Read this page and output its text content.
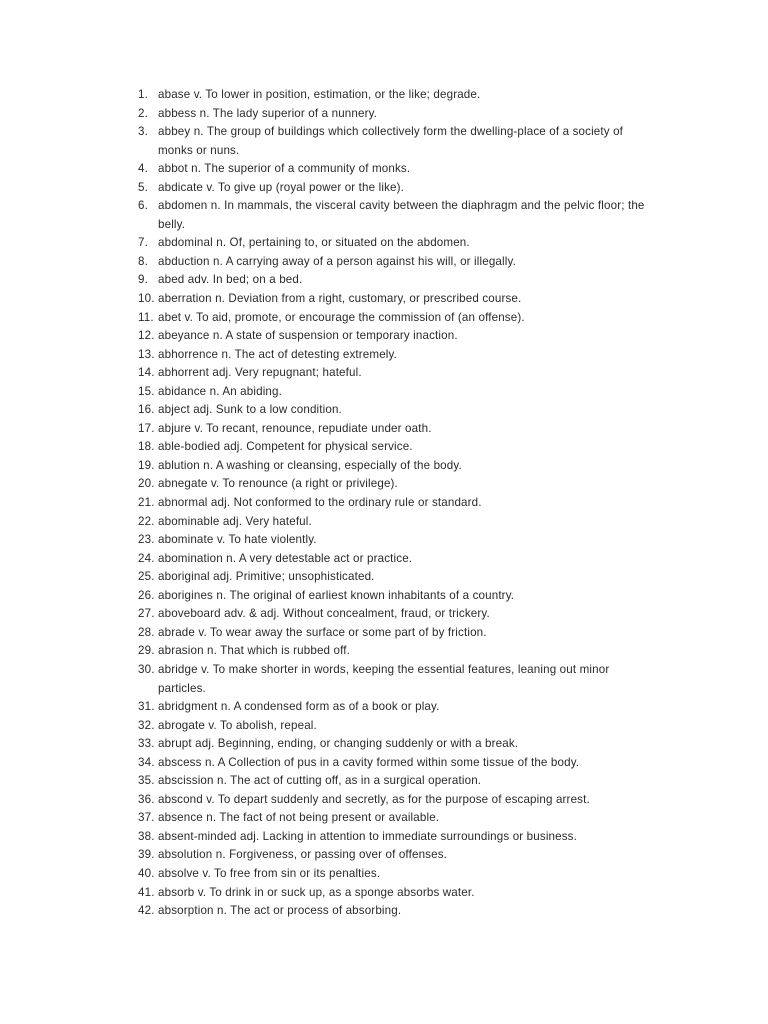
1. abase v. To lower in position, estimation, or the like; degrade.
2. abbess n. The lady superior of a nunnery.
3. abbey n. The group of buildings which collectively form the dwelling-place of a society of monks or nuns.
4. abbot n. The superior of a community of monks.
5. abdicate v. To give up (royal power or the like).
6. abdomen n. In mammals, the visceral cavity between the diaphragm and the pelvic floor; the belly.
7. abdominal n. Of, pertaining to, or situated on the abdomen.
8. abduction n. A carrying away of a person against his will, or illegally.
9. abed adv. In bed; on a bed.
10. aberration n. Deviation from a right, customary, or prescribed course.
11. abet v. To aid, promote, or encourage the commission of (an offense).
12. abeyance n. A state of suspension or temporary inaction.
13. abhorrence n. The act of detesting extremely.
14. abhorrent adj. Very repugnant; hateful.
15. abidance n. An abiding.
16. abject adj. Sunk to a low condition.
17. abjure v. To recant, renounce, repudiate under oath.
18. able-bodied adj. Competent for physical service.
19. ablution n. A washing or cleansing, especially of the body.
20. abnegate v. To renounce (a right or privilege).
21. abnormal adj. Not conformed to the ordinary rule or standard.
22. abominable adj. Very hateful.
23. abominate v. To hate violently.
24. abomination n. A very detestable act or practice.
25. aboriginal adj. Primitive; unsophisticated.
26. aborigines n. The original of earliest known inhabitants of a country.
27. aboveboard adv. & adj. Without concealment, fraud, or trickery.
28. abrade v. To wear away the surface or some part of by friction.
29. abrasion n. That which is rubbed off.
30. abridge v. To make shorter in words, keeping the essential features, leaning out minor particles.
31. abridgment n. A condensed form as of a book or play.
32. abrogate v. To abolish, repeal.
33. abrupt adj. Beginning, ending, or changing suddenly or with a break.
34. abscess n. A Collection of pus in a cavity formed within some tissue of the body.
35. abscission n. The act of cutting off, as in a surgical operation.
36. abscond v. To depart suddenly and secretly, as for the purpose of escaping arrest.
37. absence n. The fact of not being present or available.
38. absent-minded adj. Lacking in attention to immediate surroundings or business.
39. absolution n. Forgiveness, or passing over of offenses.
40. absolve v. To free from sin or its penalties.
41. absorb v. To drink in or suck up, as a sponge absorbs water.
42. absorption n. The act or process of absorbing.
